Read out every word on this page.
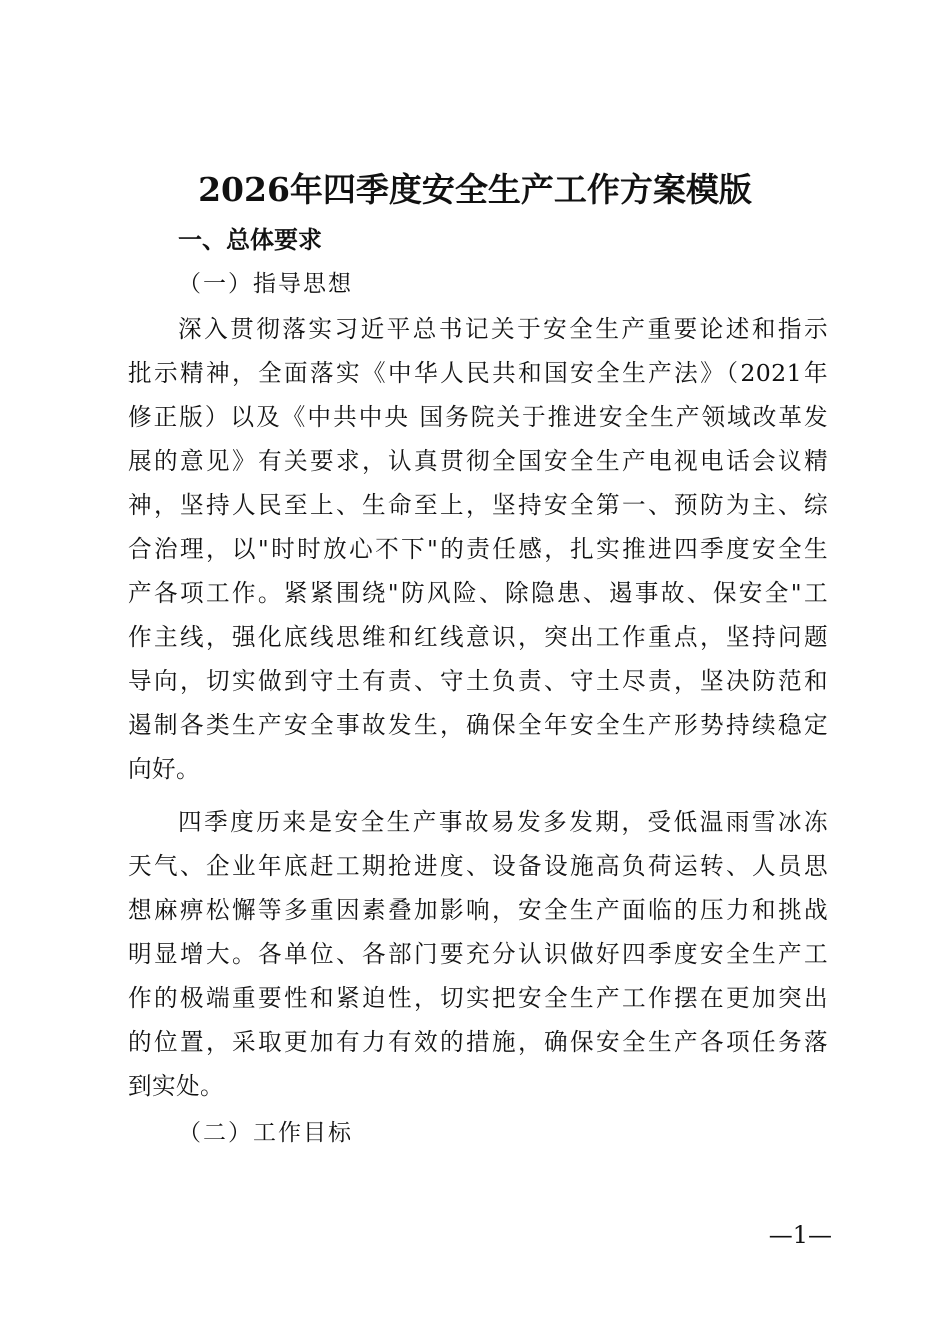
2026年四季度安全生产工作方案模版
一、总体要求
（一）指导思想
深入贯彻落实习近平总书记关于安全生产重要论述和指示
批示精神，全面落实《中华人民共和国安全生产法》（2021年
修正版）以及《中共中央 国务院关于推进安全生产领域改革发
展的意见》有关要求，认真贯彻全国安全生产电视电话会议精
神，坚持人民至上、生命至上，坚持安全第一、预防为主、综
合治理，以"时时放心不下"的责任感，扎实推进四季度安全生
产各项工作。紧紧围绕"防风险、除隐患、遏事故、保安全"工
作主线，强化底线思维和红线意识，突出工作重点，坚持问题
导向，切实做到守土有责、守土负责、守土尽责，坚决防范和
遏制各类生产安全事故发生，确保全年安全生产形势持续稳定
向好。
四季度历来是安全生产事故易发多发期，受低温雨雪冰冻
天气、企业年底赶工期抢进度、设备设施高负荷运转、人员思
想麻痹松懈等多重因素叠加影响，安全生产面临的压力和挑战
明显增大。各单位、各部门要充分认识做好四季度安全生产工
作的极端重要性和紧迫性，切实把安全生产工作摆在更加突出
的位置，采取更加有力有效的措施，确保安全生产各项任务落
到实处。
（二）工作目标
—1—
